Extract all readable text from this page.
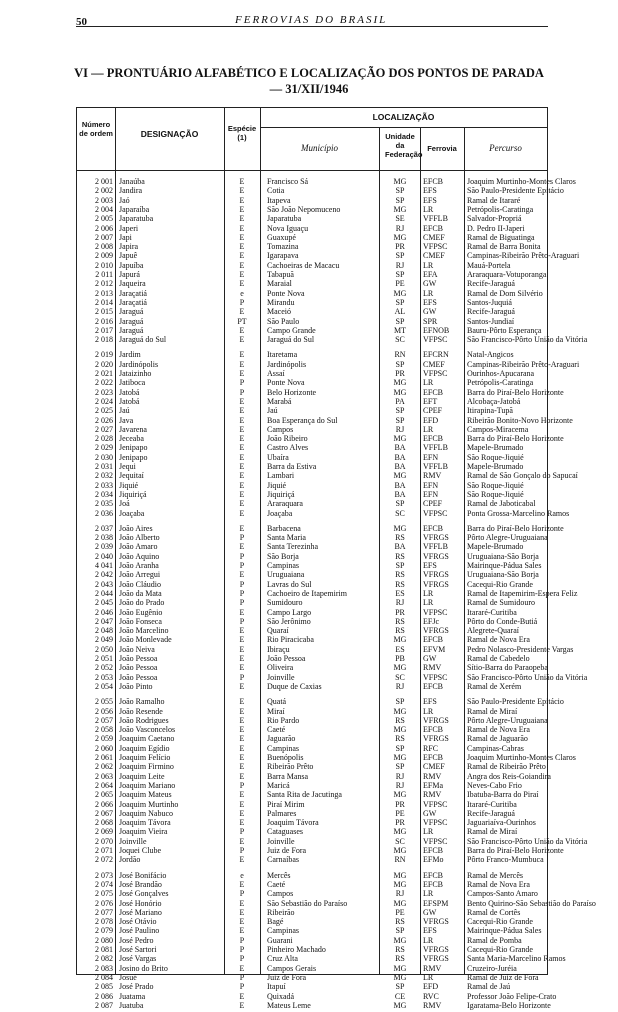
50	FERROVIAS DO BRASIL
VI — PRONTUÁRIO ALFABÉTICO E LOCALIZAÇÃO DOS PONTOS DE PARADA
— 31/XII/1946
Número de ordem	DESIGNAÇÃO
Espécie (1)
LOCALIZAÇÃO
Município
Unidade da Federação
Ferrovia	Percurso
2 001 Janaúba	E	Francisco Sá	MG	EFCB	Joaquim Murtinho-Montes Claros
2 002 Jandira	E	Cotia	SP	EFS	São Paulo-Presidente Epitácio
2 003 Jaó	E	Itapeva	SP	EFS	Ramal de Itararé
2 004 Japaraíba	E	São João Nepomuceno	MG	LR	Petrópolis-Caratinga
2 005 Japaratuba	E	Japaratuba	SE	VFFLB	Salvador-Propriá
2 006 Japeri	E	Nova Iguaçu	RJ	EFCB	D. Pedro II-Japeri
2 007 Japi	E	Guaxupé	MG	CMEF	Ramal de Biguatinga
2 008 Japira	E	Tomazina	PR	VFPSC	Ramal de Barra Bonita
2 009 Japuê	E	Igarapava	SP	CMEF	Campinas-Ribeirão Prêto-Araguari
2 010 Japuíba	E	Cachoeiras de Macacu	RJ	LR	Mauá-Portela
2 011 Japurá	E	Tabapuã	SP	EFA	Araraquara-Votuporanga
2 012 Jaqueira	E	Maraial	PE	GW	Recife-Jaraguá
2 013 Jaraçatiá	e	Ponte Nova	MG	LR	Ramal de Dom Silvério
2 014 Jaraçatiá	P	Mirandu	SP	EFS	Santos-Juquiá
2 015 Jaraguá	E	Maceió	AL	GW	Recife-Jaraguá
2 016 Jaraguá	PT	São Paulo	SP	SPR	Santos-Jundiaí
2 017 Jaraguá	E	Campo Grande	MT	EFNOB	Bauru-Pôrto Esperança
2 018 Jaraguá do Sul	E	Jaraguá do Sul	SC	VFPSC	São Francisco-Pôrto União da Vitória
2 019 Jardim	E	Itaretama	RN	EFCRN	Natal-Angicos
2 020 Jardinópolis	E	Jardinópolis	SP	CMEF	Campinas-Ribeirão Prêto-Araguari
2 021 Jataizinho	E	Assaí	PR	VFPSC	Ourinhos-Apucarana
2 022 Jatiboca	P	Ponte Nova	MG	LR	Petrópolis-Caratinga
2 023 Jatobá	P	Belo Horizonte	MG	EFCB	Barra do Piraí-Belo Horizonte
2 024 Jatobá	E	Marabá	PA	EFT	Alcobaça-Jatobá
2 025 Jaú	E	Jaú	SP	CPEF	Itirapina-Tupã
2 026 Java	E	Boa Esperança do Sul	SP	EFD	Ribeirão Bonito-Novo Horizonte
2 027 Javarena	E	Campos	RJ	LR	Campos-Miracema
2 028 Jeceaba	E	João Ribeiro	MG	EFCB	Barra do Piraí-Belo Horizonte
2 029 Jenipapo	E	Castro Alves	BA	VFFLB	Mapele-Brumado
2 030 Jenipapo	E	Ubaíra	BA	EFN	São Roque-Jiquié
2 031 Jequi	E	Barra da Estiva	BA	VFFLB	Mapele-Brumado
2 032 Jequitaí	E	Lambari	MG	RMV	Ramal de São Gonçalo do Sapucaí
2 033 Jiquié	E	Jiquié	BA	EFN	São Roque-Jiquié
2 034 Jiquiriçá	E	Jiquiriçá	BA	EFN	São Roque-Jiquié
2 035 Joá	E	Araraquara	SP	CPEF	Ramal de Jaboticabal
2 036 Joaçaba	E	Joaçaba	SC	VFPSC	Ponta Grossa-Marcelino Ramos
2 037 João Aires	E	Barbacena	MG	EFCB	Barra do Piraí-Belo Horizonte
2 038 João Alberto	P	Santa Maria	RS	VFRGS	Pôrto Alegre-Uruguaiana
2 039 João Amaro	E	Santa Terezinha	BA	VFFLB	Mapele-Brumado
2 040 João Aquino	P	São Borja	RS	VFRGS	Uruguaiana-São Borja
4 041 João Aranha	P	Campinas	SP	EFS	Mairinque-Pádua Sales
2 042 João Arregui	E	Uruguaiana	RS	VFRGS	Uruguaiana-São Borja
2 043 João Cláudio	P	Lavras do Sul	RS	VFRGS	Cacequi-Rio Grande
2 044 João da Mata	P	Cachoeiro de Itapemirim	ES	LR	Ramal de Itapemirim-Espera Feliz
2 045 João do Prado	P	Sumidouro	RJ	LR	Ramal de Sumidouro
2 046 João Eugênio	E	Campo Largo	PR	VFPSC	Itararé-Curitiba
2 047 João Fonseca	P	São Jerônimo	RS	EFJc	Pôrto do Conde-Butiá
2 048 João Marcelino	E	Quaraí	RS	VFRGS	Alegrete-Quaraí
2 049 João Monlevade	E	Rio Piracicaba	MG	EFCB	Ramal de Nova Era
2 050 João Neiva	E	Ibiraçu	ES	EFVM	Pedro Nolasco-Presidente Vargas
2 051 João Pessoa	E	João Pessoa	PB	GW	Ramal de Cabedelo
2 052 João Pessoa	E	Oliveira	MG	RMV	Sítio-Barra do Paraopeba
2 053 João Pessoa	P	Joinville	SC	VFPSC	São Francisco-Pôrto União da Vitória
2 054 João Pinto	E	Duque de Caxias	RJ	EFCB	Ramal de Xerém
2 055 João Ramalho	E	Quatá	SP	EFS	São Paulo-Presidente Epitácio
2 056 João Resende	E	Miraí	MG	LR	Ramal de Miraí
2 057 João Rodrigues	E	Rio Pardo	RS	VFRGS	Pôrto Alegre-Uruguaiana
2 058 João Vasconcelos	E	Caeté	MG	EFCB	Ramal de Nova Era
2 059 Joaquim Caetano	E	Jaguarão	RS	VFRGS	Ramal de Jaguarão
2 060 Joaquim Egídio	E	Campinas	SP	RFC	Campinas-Cabras
2 061 Joaquim Felício	E	Buenópolis	MG	EFCB	Joaquim Murtinho-Montes Claros
2 062 Joaquim Firmino	E	Ribeirão Prêto	SP	CMEF	Ramal de Ribeirão Prêto
2 063 Joaquim Leite	E	Barra Mansa	RJ	RMV	Angra dos Reis-Goiandira
2 064 Joaquim Mariano	P	Maricá	RJ	EFMa	Neves-Cabo Frio
2 065 Joaquim Mateus	E	Santa Rita de Jacutinga	MG	RMV	Ibatuba-Barra do Piraí
2 066 Joaquim Murtinho	E	Piraí Mirim	PR	VFPSC	Itararé-Curitiba
2 067 Joaquim Nabuco	E	Palmares	PE	GW	Recife-Jaraguá
2 068 Joaquim Távora	E	Joaquim Távora	PR	VFPSC	Jaguariaíva-Ourinhos
2 069 Joaquim Vieira	P	Cataguases	MG	LR	Ramal de Miraí
2 070 Joinville	E	Joinville	SC	VFPSC	São Francisco-Pôrto União da Vitória
2 071 Joquei Clube	P	Juiz de Fora	MG	EFCB	Barra do Piraí-Belo Horizonte
2 072 Jordão	E	Carnaíbas	RN	EFMo	Pôrto Franco-Mumbuca
2 073 José Bonifácio	e	Mercês	MG	EFCB	Ramal de Mercês
2 074 José Brandão	E	Caeté	MG	EFCB	Ramal de Nova Era
2 075 José Gonçalves	P	Campos	RJ	LR	Campos-Santo Amaro
2 076 José Honório	E	São Sebastião do Paraíso	MG	EFSPM	Bento Quirino-São Sebastião do Paraíso
2 077 José Mariano	E	Ribeirão	PE	GW	Ramal de Cortês
2 078 José Otávio	E	Bagé	RS	VFRGS	Cacequi-Rio Grande
2 079 José Paulino	E	Campinas	SP	EFS	Mairinque-Pádua Sales
2 080 José Pedro	P	Guarani	MG	LR	Ramal de Pomba
2 081 José Sartori	P	Pinheiro Machado	RS	VFRGS	Cacequi-Rio Grande
2 082 José Vargas	P	Cruz Alta	RS	VFRGS	Santa Maria-Marcelino Ramos
2 083 Josino do Brito	E	Campos Gerais	MG	RMV	Cruzeiro-Juréia
2 084 Josué	P	Juiz de Fora	MG	LR	Ramal de Juiz de Fora
2 085 José Prado	P	Itapuí	SP	EFD	Ramal de Jaú
2 086 Juatama	E	Quixadá	CE	RVC	Professor João Felipe-Crato
2 087 Juatuba	E	Mateus Leme	MG	RMV	Igaratama-Belo Horizonte
